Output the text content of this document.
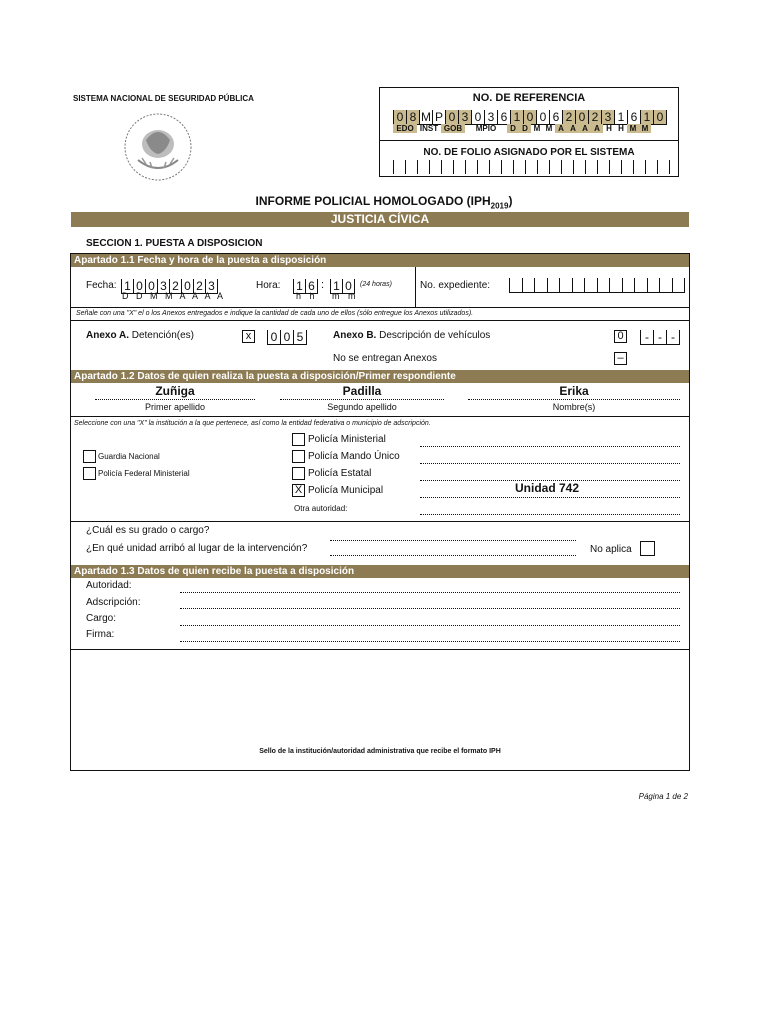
SISTEMA NACIONAL DE SEGURIDAD PÚBLICA	NO. DE REFERENCIA
0 8 M P 0 3 0 3 6 1 0 0 6 2 0 2 3 1 6 1 0
EDO INST GOB MPIO D D M M A A A A H H M M
NO. DE FOLIO ASIGNADO POR EL SISTEMA
INFORME POLICIAL HOMOLOGADO $(IPH_{2019})$
JUSTICIA CÍVICA
SECCION 1. PUESTA A DISPOSICION
Apartado 1.1 Fecha y hora de la puesta a disposición
Fecha: 1 0 0 3 2 0 2 3
D D M M A A A A
Hora: 1 6 : 1 0
h h m m
(24 horas)	No. expediente:
Señale con una "X" el o los Anexos entregados e indique la cantidad de cada uno de ellos (sólo entregue los Anexos utilizados).
Anexo A. Detención(es)	x	0 0 5	Anexo B. Descripción de vehículos	0	- - -
No se entregan Anexos	–
Apartado 1.2 Datos de quien realiza la puesta a disposición/Primer respondiente
Zuñiga
Primer apellido
Padilla
Segundo apellido
Erika
Nombre(s)
Seleccione con una "X" la institución a la que pertenece, así como la entidad federativa o municipio de adscripción.
Guardia Nacional
Policía Federal Ministerial
Policía Ministerial
Policía Mando Único
Policía Estatal
X Policía Municipal	Unidad 742
Otra autoridad:
¿Cuál es su grado o cargo?
¿En qué unidad arribó al lugar de la intervención?	No aplica
Apartado 1.3 Datos de quien recibe la puesta a disposición
Autoridad:
Adscripción:
Cargo:
Firma:
Sello de la institución/autoridad administrativa que recibe el formato IPH
Página 1 de 2
